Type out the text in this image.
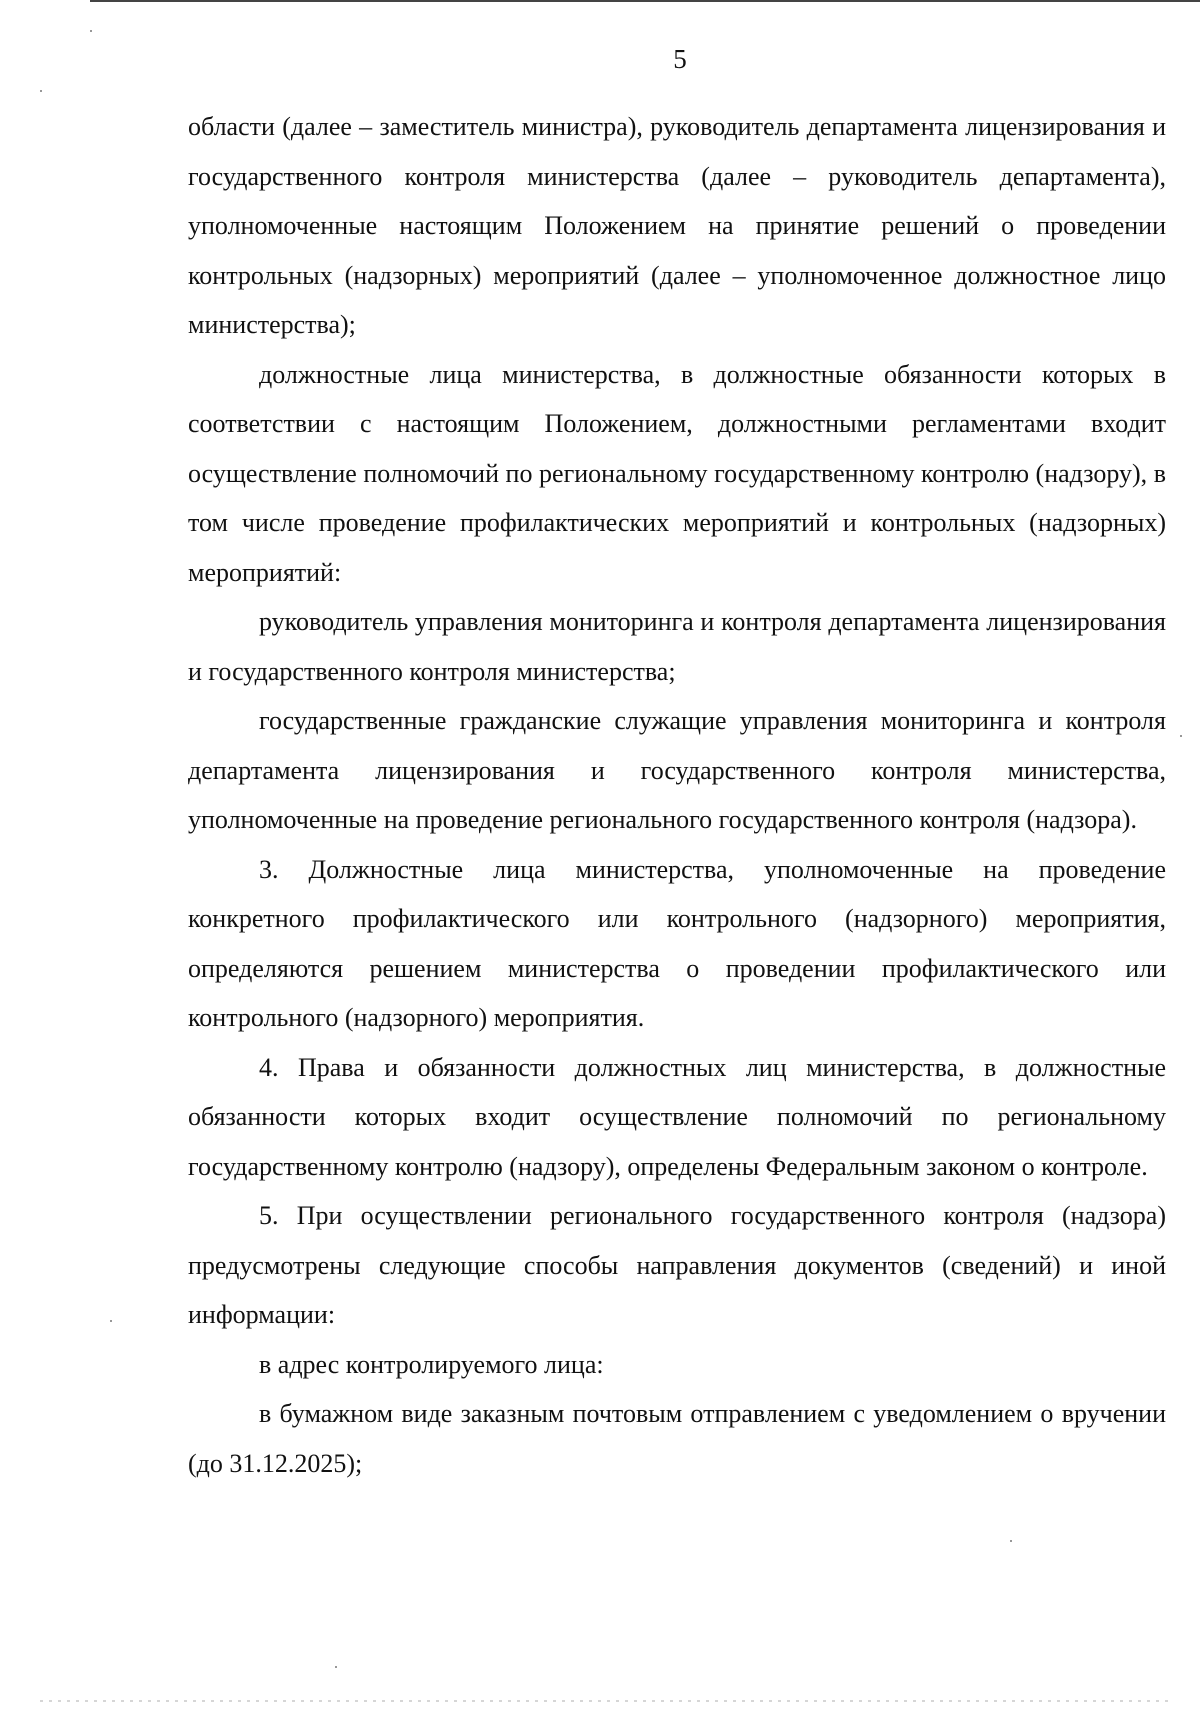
5

области (далее – заместитель министра), руководитель департамента лицензирования и государственного контроля министерства (далее – руководитель департамента), уполномоченные настоящим Положением на принятие решений о проведении контрольных (надзорных) мероприятий (далее – уполномоченное должностное лицо министерства);

должностные лица министерства, в должностные обязанности которых в соответствии с настоящим Положением, должностными регламентами входит осуществление полномочий по региональному государственному контролю (надзору), в том числе проведение профилактических мероприятий и контрольных (надзорных) мероприятий:

руководитель управления мониторинга и контроля департамента лицензирования и государственного контроля министерства;

государственные гражданские служащие управления мониторинга и контроля департамента лицензирования и государственного контроля министерства, уполномоченные на проведение регионального государственного контроля (надзора).

3. Должностные лица министерства, уполномоченные на проведение конкретного профилактического или контрольного (надзорного) мероприятия, определяются решением министерства о проведении профилактического или контрольного (надзорного) мероприятия.

4. Права и обязанности должностных лиц министерства, в должностные обязанности которых входит осуществление полномочий по региональному государственному контролю (надзору), определены Федеральным законом о контроле.

5. При осуществлении регионального государственного контроля (надзора) предусмотрены следующие способы направления документов (сведений) и иной информации:

в адрес контролируемого лица:

в бумажном виде заказным почтовым отправлением с уведомлением о вручении (до 31.12.2025);
